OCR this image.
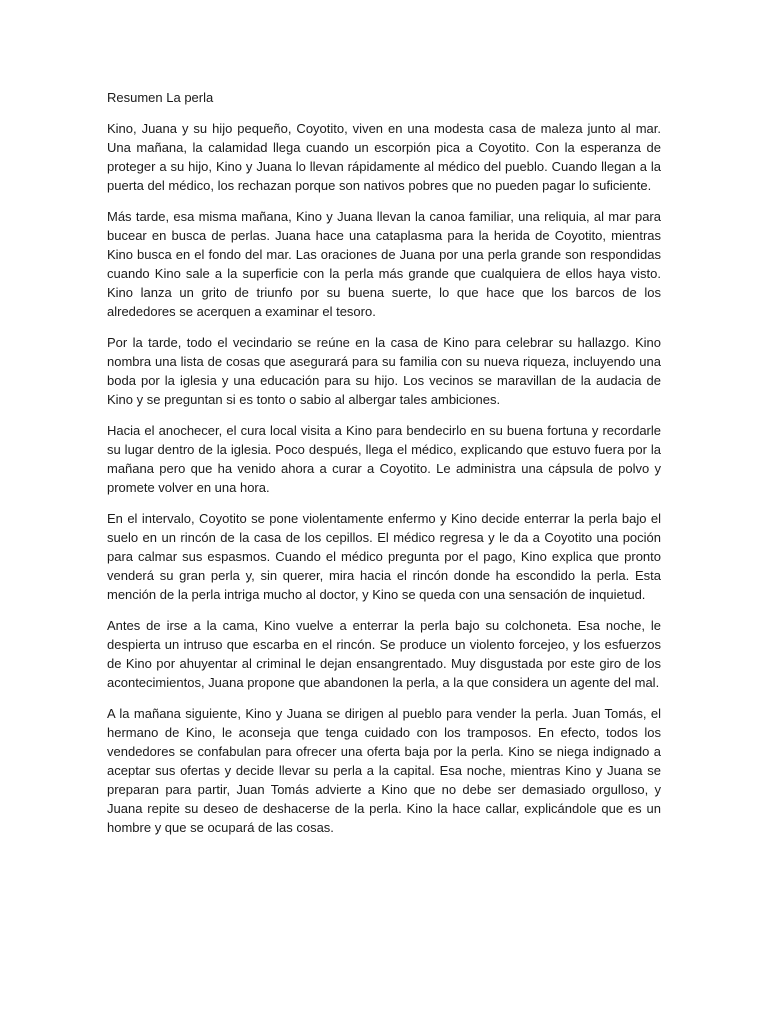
Resumen La perla

Kino, Juana y su hijo pequeño, Coyotito, viven en una modesta casa de maleza junto al mar. Una mañana, la calamidad llega cuando un escorpión pica a Coyotito. Con la esperanza de proteger a su hijo, Kino y Juana lo llevan rápidamente al médico del pueblo. Cuando llegan a la puerta del médico, los rechazan porque son nativos pobres que no pueden pagar lo suficiente.

Más tarde, esa misma mañana, Kino y Juana llevan la canoa familiar, una reliquia, al mar para bucear en busca de perlas. Juana hace una cataplasma para la herida de Coyotito, mientras Kino busca en el fondo del mar. Las oraciones de Juana por una perla grande son respondidas cuando Kino sale a la superficie con la perla más grande que cualquiera de ellos haya visto. Kino lanza un grito de triunfo por su buena suerte, lo que hace que los barcos de los alrededores se acerquen a examinar el tesoro.

Por la tarde, todo el vecindario se reúne en la casa de Kino para celebrar su hallazgo. Kino nombra una lista de cosas que asegurará para su familia con su nueva riqueza, incluyendo una boda por la iglesia y una educación para su hijo. Los vecinos se maravillan de la audacia de Kino y se preguntan si es tonto o sabio al albergar tales ambiciones.

Hacia el anochecer, el cura local visita a Kino para bendecirlo en su buena fortuna y recordarle su lugar dentro de la iglesia. Poco después, llega el médico, explicando que estuvo fuera por la mañana pero que ha venido ahora a curar a Coyotito. Le administra una cápsula de polvo y promete volver en una hora.

En el intervalo, Coyotito se pone violentamente enfermo y Kino decide enterrar la perla bajo el suelo en un rincón de la casa de los cepillos. El médico regresa y le da a Coyotito una poción para calmar sus espasmos. Cuando el médico pregunta por el pago, Kino explica que pronto venderá su gran perla y, sin querer, mira hacia el rincón donde ha escondido la perla. Esta mención de la perla intriga mucho al doctor, y Kino se queda con una sensación de inquietud.

Antes de irse a la cama, Kino vuelve a enterrar la perla bajo su colchoneta. Esa noche, le despierta un intruso que escarba en el rincón. Se produce un violento forcejeo, y los esfuerzos de Kino por ahuyentar al criminal le dejan ensangrentado. Muy disgustada por este giro de los acontecimientos, Juana propone que abandonen la perla, a la que considera un agente del mal.

A la mañana siguiente, Kino y Juana se dirigen al pueblo para vender la perla. Juan Tomás, el hermano de Kino, le aconseja que tenga cuidado con los tramposos. En efecto, todos los vendedores se confabulan para ofrecer una oferta baja por la perla. Kino se niega indignado a aceptar sus ofertas y decide llevar su perla a la capital. Esa noche, mientras Kino y Juana se preparan para partir, Juan Tomás advierte a Kino que no debe ser demasiado orgulloso, y Juana repite su deseo de deshacerse de la perla. Kino la hace callar, explicándole que es un hombre y que se ocupará de las cosas.
